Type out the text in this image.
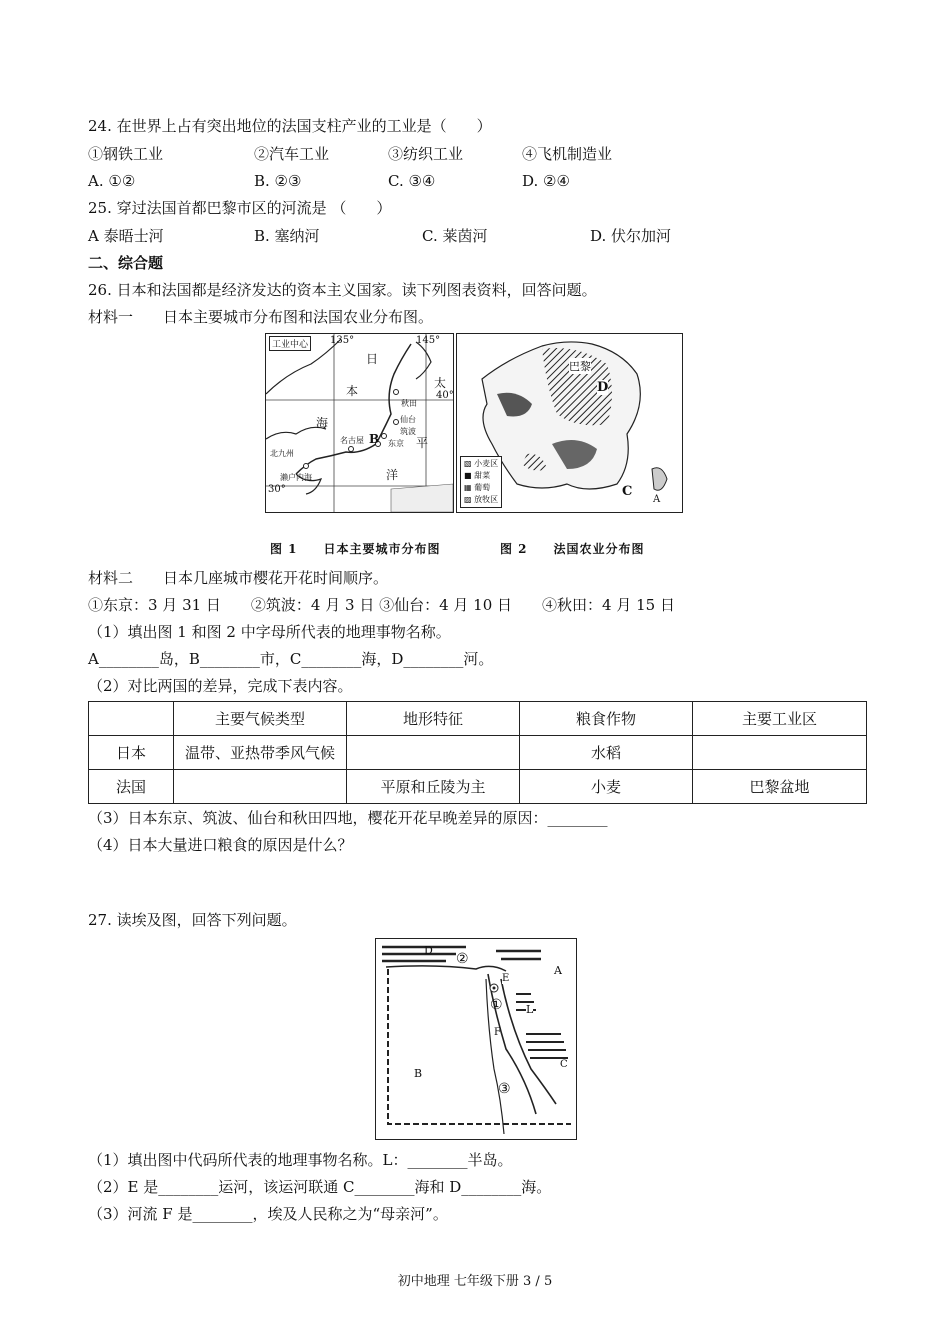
24. 在世界上占有突出地位的法国支柱产业的工业是（　　）
①钢铁工业	②汽车工业	③纺织工业	④飞机制造业
A. ①②	B. ②③	C. ③④	D. ②④
25. 穿过法国首都巴黎市区的河流是 （　　）
A 泰晤士河	B. 塞纳河	C. 莱茵河	D. 伏尔加河
二、综合题
26. 日本和法国都是经济发达的资本主义国家。读下列图表资料，回答问题。
材料一　　日本主要城市分布图和法国农业分布图。
工业中心	135°	145°
40°
30°
日
本
海
太
平
洋
B
秋田
仙台
筑波
东京
名古屋
北九州
濑户内海
巴黎
D
C
A
▧ 小麦区
■ 甜菜
▦ 葡萄
▨ 放牧区
图 1　　日本主要城市分布图	图 2　　法国农业分布图
材料二　　日本几座城市樱花开花时间顺序。
①东京：3 月 31 日　　②筑波：4 月 3 日 ③仙台：4 月 10 日　　④秋田：4 月 15 日
（1）填出图 1 和图 2 中字母所代表的地理事物名称。
A________岛，B________市，C________海，D________河。
（2）对比两国的差异，完成下表内容。
	主要气候类型	地形特征	粮食作物	主要工业区
日本	温带、亚热带季风气候		水稻	
法国		平原和丘陵为主	小麦	巴黎盆地
（3）日本东京、筑波、仙台和秋田四地，樱花开花早晚差异的原因：________
（4）日本大量进口粮食的原因是什么？
27. 读埃及图，回答下列问题。
D
②
A
E
① L
F
B
C
③
（1）填出图中代码所代表的地理事物名称。L：________半岛。
（2）E 是________运河，该运河联通 C________海和 D________海。
（3）河流 F 是________，埃及人民称之为“母亲河”。
初中地理 七年级下册 3 / 5
